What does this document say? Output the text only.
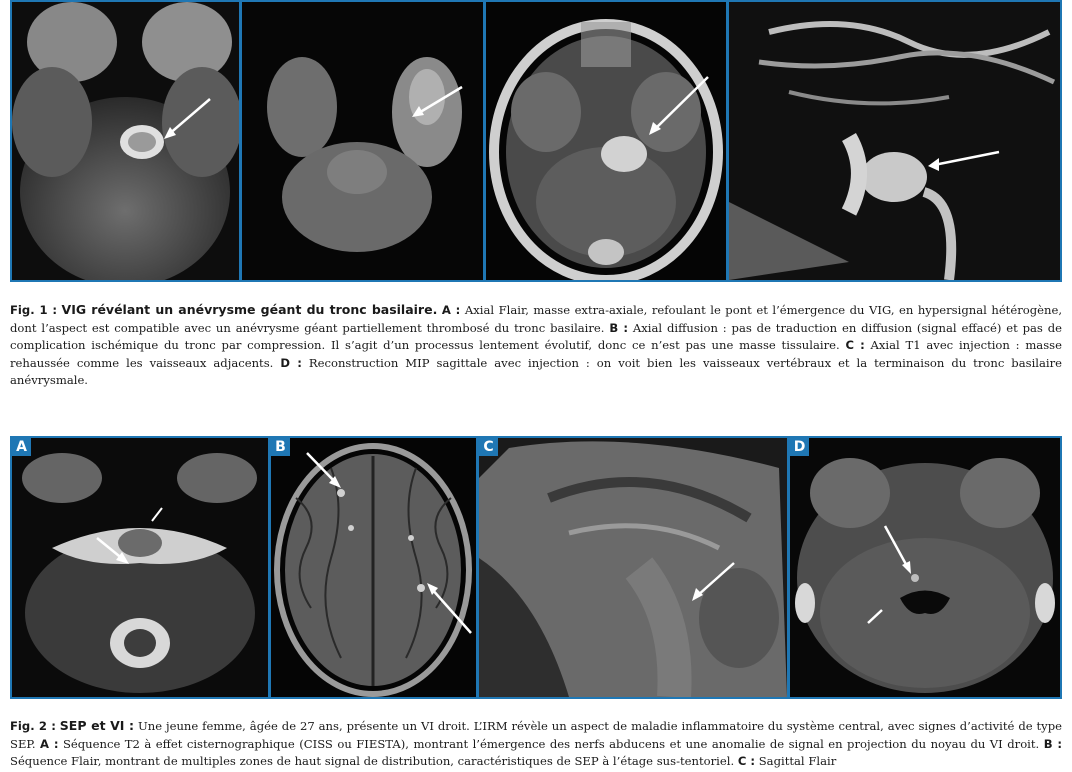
Fig. 1 : VIG révélant un anévrysme géant du tronc basilaire. A : Axial Flair, masse extra-axiale, refoulant le pont et l’émergence du VIG, en hypersignal hétérogène, dont l’aspect est compatible avec un anévrysme géant partiellement thrombosé du tronc basilaire. B : Axial diffusion : pas de traduction en diffusion (signal effacé) et pas de complication ischémique du tronc par compression. Il s’agit d’un processus lentement évolutif, donc ce n’est pas une masse tissulaire. C : Axial T1 avec injection : masse rehaussée comme les vaisseaux adjacents. D : Reconstruction MIP sagittale avec injection : on voit bien les vaisseaux vertébraux et la terminaison du tronc basilaire anévrysmale.
A	B	C	D
Fig. 2 : SEP et VI : Une jeune femme, âgée de 27 ans, présente un VI droit. L’IRM révèle un aspect de maladie inflammatoire du système central, avec signes d’activité de type SEP. A : Séquence T2 à effet cisternographique (CISS ou FIESTA), montrant l’émergence des nerfs abducens et une anomalie de signal en projection du noyau du VI droit. B : Séquence Flair, montrant de multiples zones de haut signal de distribution, caractéristiques de SEP à l’étage sus-tentoriel. C : Sagittal Flair
